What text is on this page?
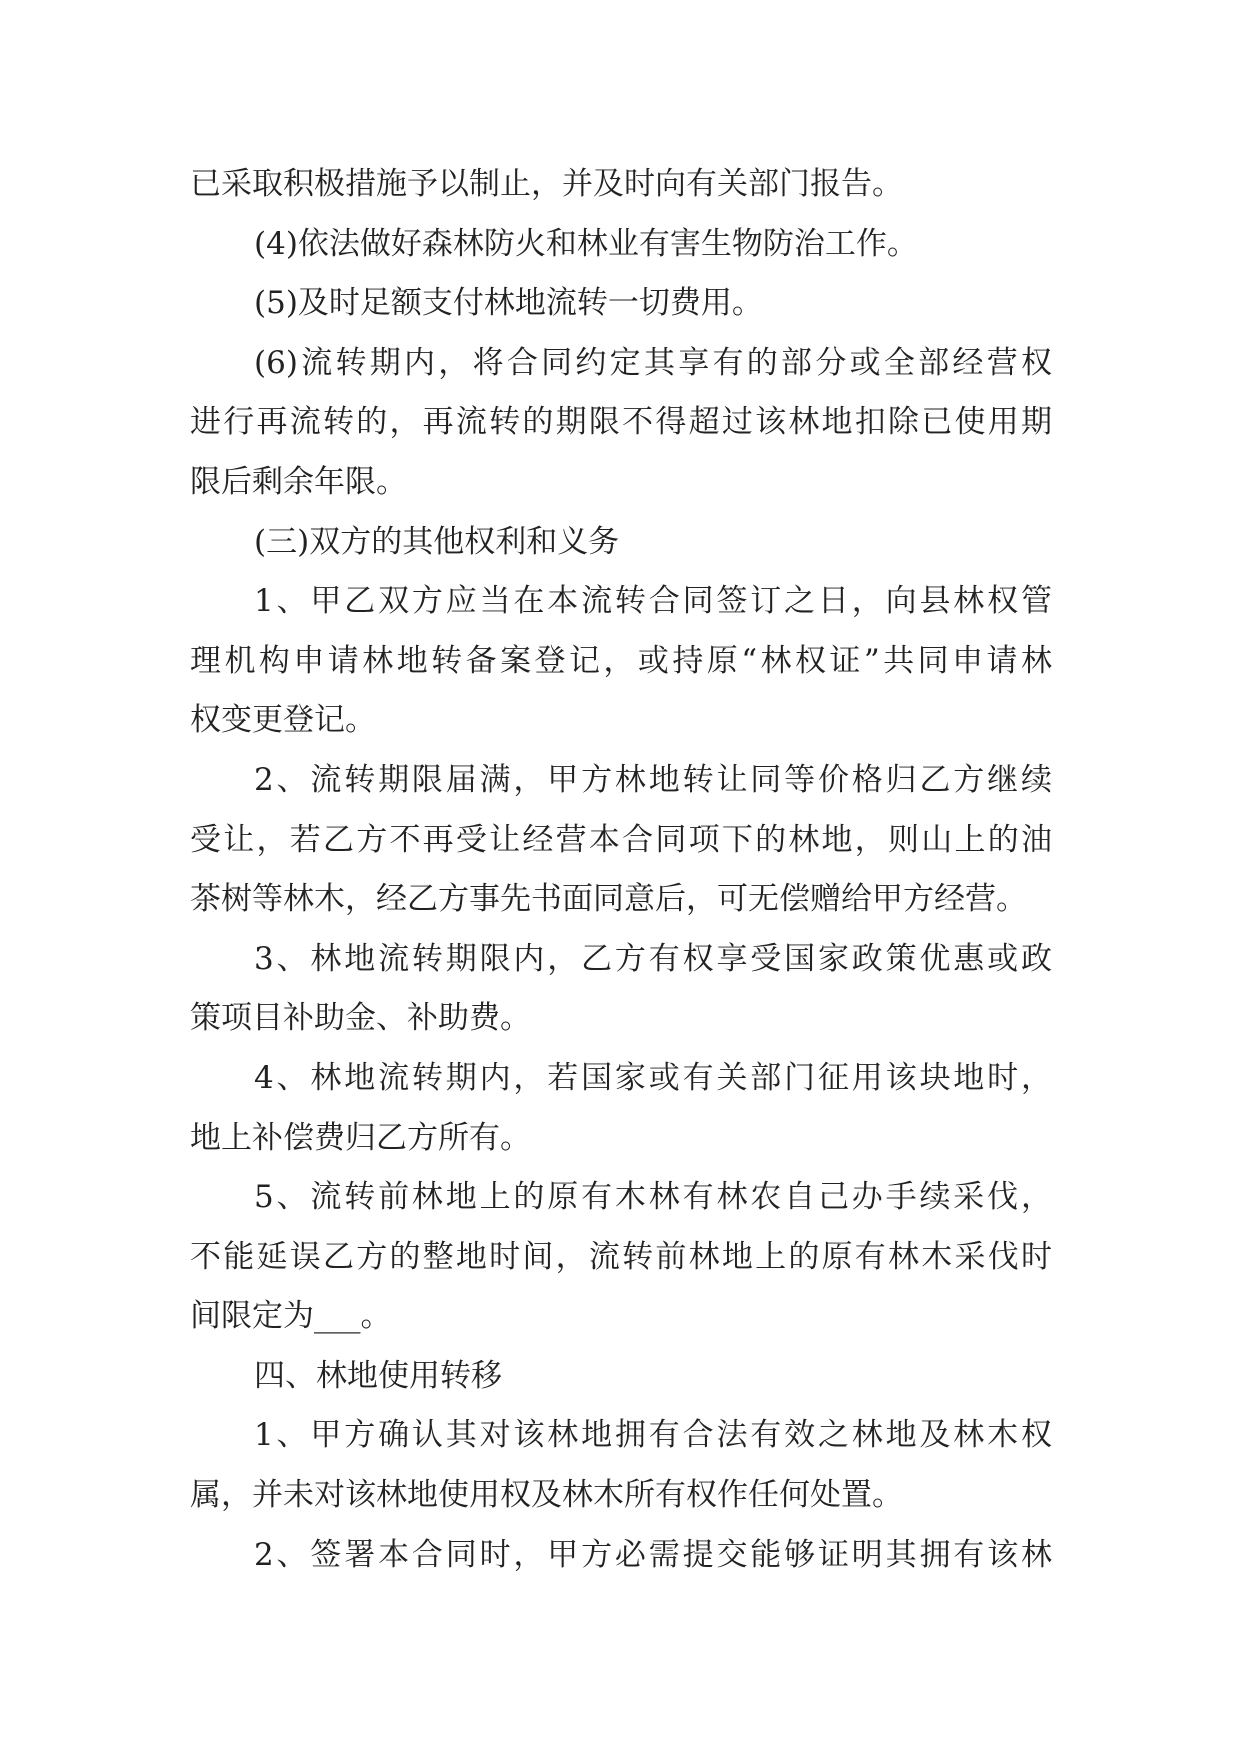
已采取积极措施予以制止，并及时向有关部门报告。
(4)依法做好森林防火和林业有害生物防治工作。
(5)及时足额支付林地流转一切费用。
(6)流转期内，将合同约定其享有的部分或全部经营权
进行再流转的，再流转的期限不得超过该林地扣除已使用期
限后剩余年限。
(三)双方的其他权利和义务
1、甲乙双方应当在本流转合同签订之日，向县林权管
理机构申请林地转备案登记，或持原“林权证”共同申请林
权变更登记。
2、流转期限届满，甲方林地转让同等价格归乙方继续
受让，若乙方不再受让经营本合同项下的林地，则山上的油
茶树等林木，经乙方事先书面同意后，可无偿赠给甲方经营。
3、林地流转期限内，乙方有权享受国家政策优惠或政
策项目补助金、补助费。
4、林地流转期内，若国家或有关部门征用该块地时，
地上补偿费归乙方所有。
5、流转前林地上的原有木林有林农自己办手续采伐，
不能延误乙方的整地时间，流转前林地上的原有林木采伐时
间限定为___。
四、林地使用转移
1、甲方确认其对该林地拥有合法有效之林地及林木权
属，并未对该林地使用权及林木所有权作任何处置。
2、签署本合同时，甲方必需提交能够证明其拥有该林
